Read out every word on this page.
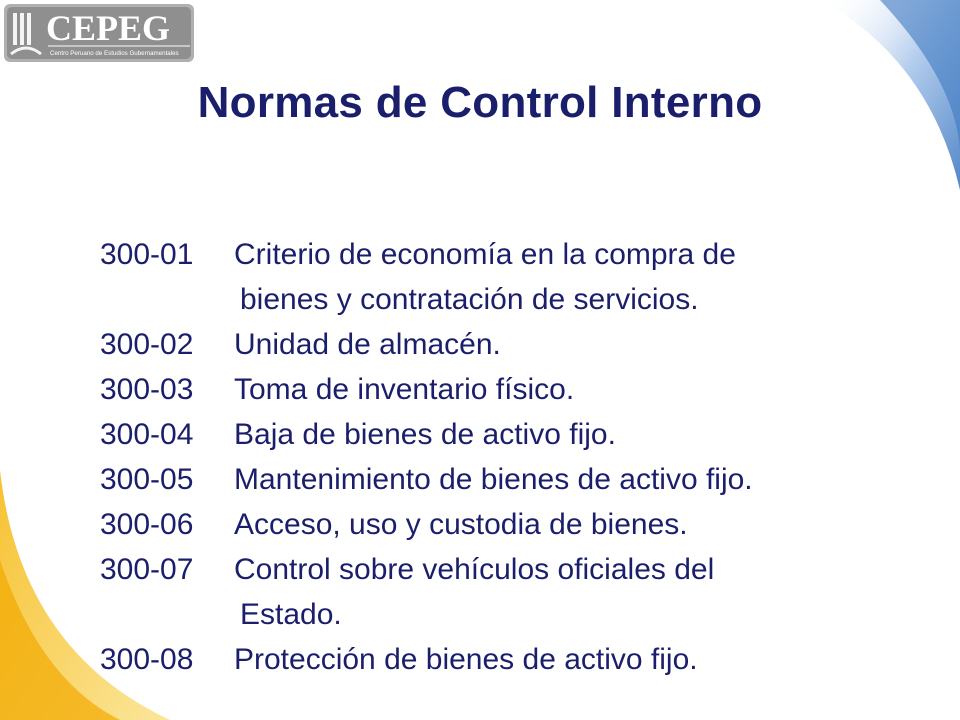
CEPEG
Centro Peruano de Estudios Gubernamentales
Normas de Control Interno
300-01 Criterio de economía en la compra de
bienes y contratación de servicios.
300-02 Unidad de almacén.
300-03 Toma de inventario físico.
300-04 Baja de bienes de activo fijo.
300-05 Mantenimiento de bienes de activo fijo.
300-06 Acceso, uso y custodia de bienes.
300-07 Control sobre vehículos oficiales del
Estado.
300-08 Protección de bienes de activo fijo.
